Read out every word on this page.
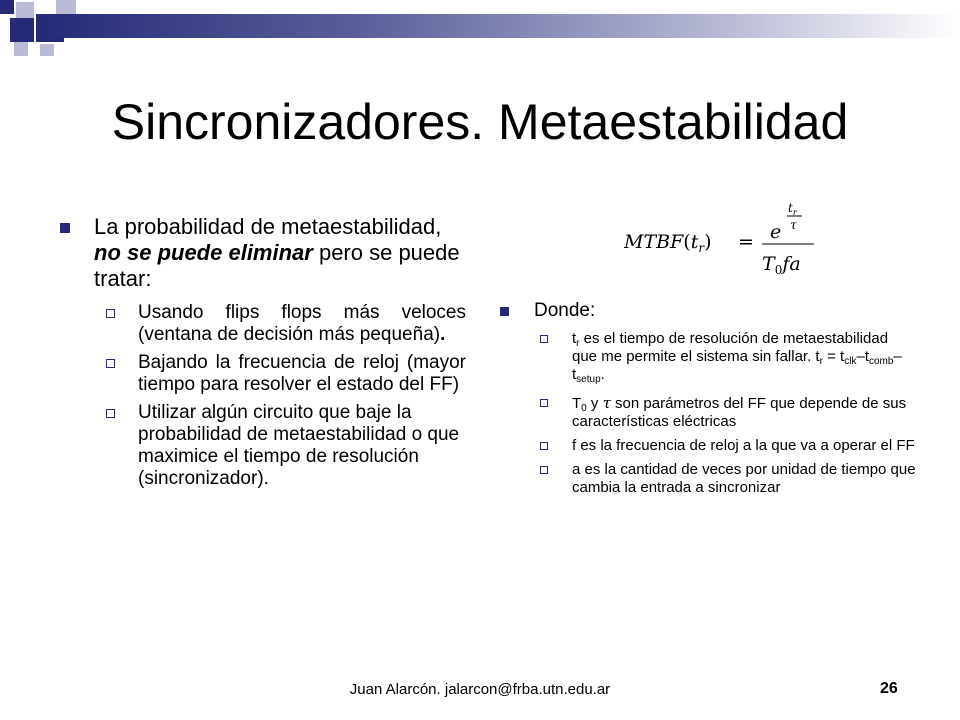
Sincronizadores. Metaestabilidad
La probabilidad de metaestabilidad, no se puede eliminar pero se puede tratar:
Usando flips flops más veloces (ventana de decisión más pequeña).
Bajando la frecuencia de reloj (mayor tiempo para resolver el estado del FF)
Utilizar algún circuito que baje la probabilidad de metaestabilidad o que maximice el tiempo de resolución (sincronizador).
$MTBF(t_r) = e$
$t_r$
τ
$T_0fa$
Donde:
$t_r$ es el tiempo de resolución de metaestabilidad que me permite el sistema sin fallar. $t_r = t_{clk}-t_{comb}-$ $t_{setup}$.
$T_0$ y τ son parámetros del FF que depende de sus características eléctricas
f es la frecuencia de reloj a la que va a operar el FF
a es la cantidad de veces por unidad de tiempo que cambia la entrada a sincronizar
Juan Alarcón. jalarcon@frba.utn.edu.ar	26
